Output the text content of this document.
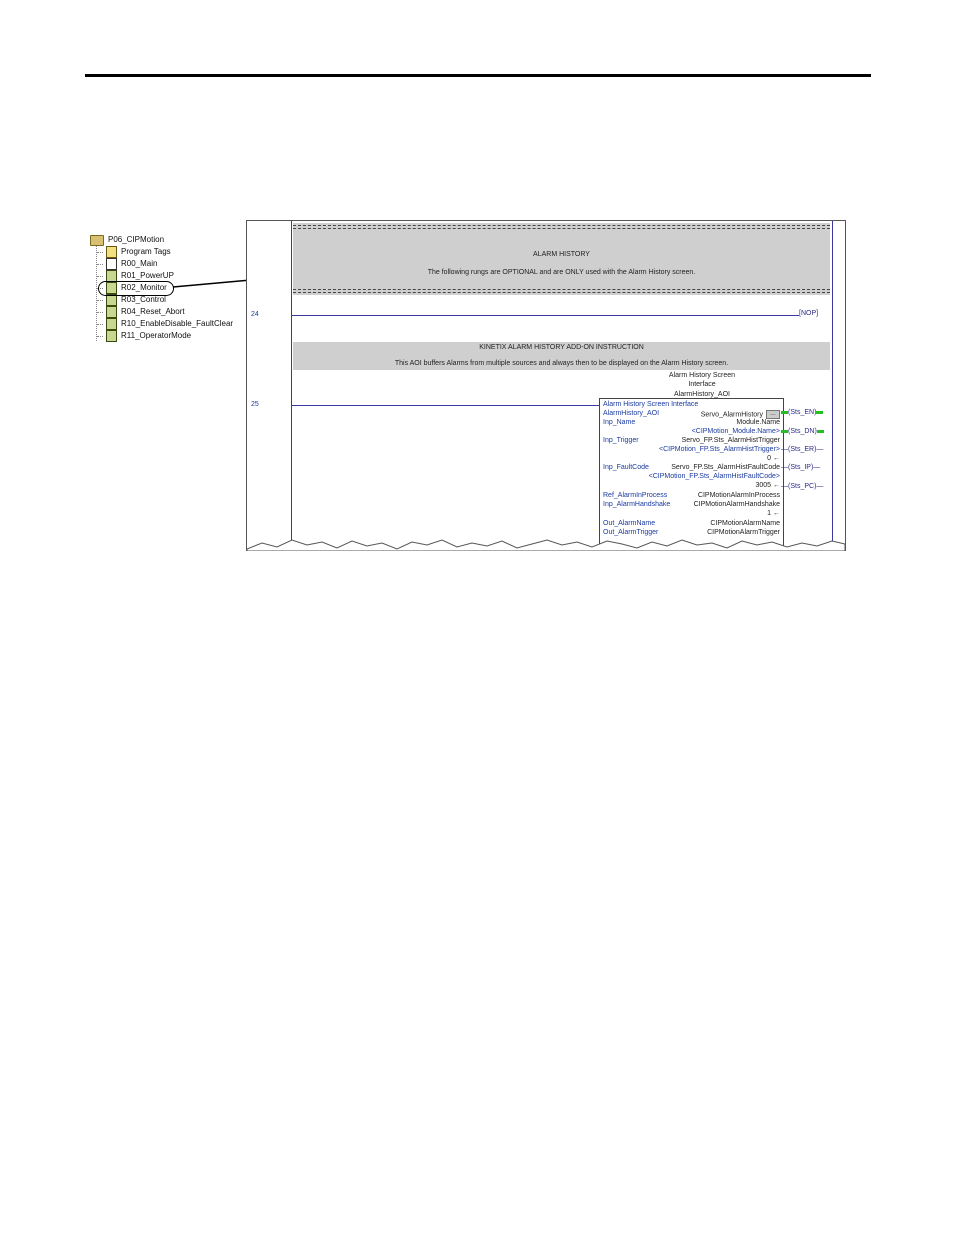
P06_CIPMotion
Program Tags
R00_Main
R01_PowerUP
R02_Monitor
R03_Control
R04_Reset_Abort
R10_EnableDisable_FaultClear
R11_OperatorMode
ALARM HISTORY
The following rungs are OPTIONAL and are ONLY used with the Alarm History screen.
24	[NOP]
KINETIX ALARM HISTORY ADD-ON INSTRUCTION
This AOI buffers Alarms from multiple sources and always then to be displayed on the Alarm History screen.
25
Alarm History Screen
Interface
AlarmHistory_AOI
Alarm History Screen Interface
AlarmHistory_AOI	Servo_AlarmHistory …
Inp_Name	Module.Name
<CIPMotion_Module.Name>
Inp_Trigger	Servo_FP.Sts_AlarmHistTrigger
<CIPMotion_FP.Sts_AlarmHistTrigger>
0 ←
Inp_FaultCode	Servo_FP.Sts_AlarmHistFaultCode
<CIPMotion_FP.Sts_AlarmHistFaultCode>
3005 ←
Ref_AlarmInProcess	CIPMotionAlarmInProcess
Inp_AlarmHandshake	CIPMotionAlarmHandshake
1 ←
Out_AlarmName	CIPMotionAlarmName
Out_AlarmTrigger	CIPMotionAlarmTrigger
(Sts_EN)
(Sts_DN)
—(Sts_ER)—
—(Sts_IP)—
—(Sts_PC)—
